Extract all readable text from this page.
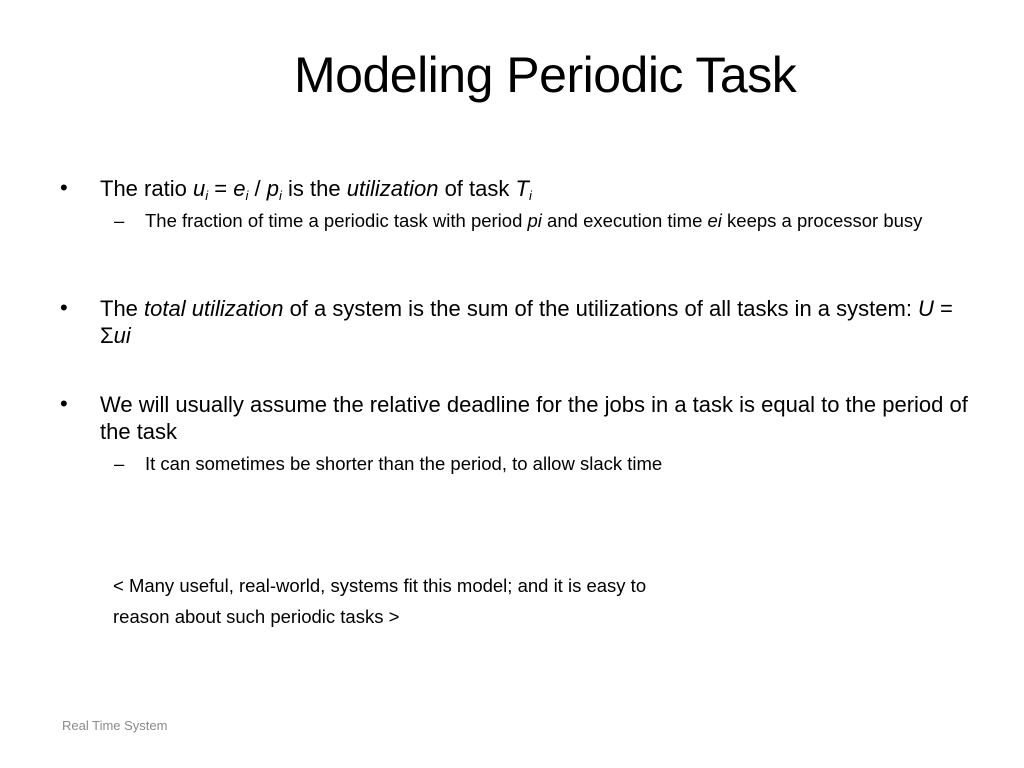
Modeling Periodic Task
• The ratio $u_i = e_i / p_i$ is the utilization of task $T_i$
– The fraction of time a periodic task with period pi and execution time ei keeps a processor busy
• The total utilization of a system is the sum of the utilizations of all tasks in a system: U = Σui
• We will usually assume the relative deadline for the jobs in a task is equal to the period of the task
– It can sometimes be shorter than the period, to allow slack time
< Many useful, real-world, systems fit this model; and it is easy to
reason about such periodic tasks >
Real Time System
